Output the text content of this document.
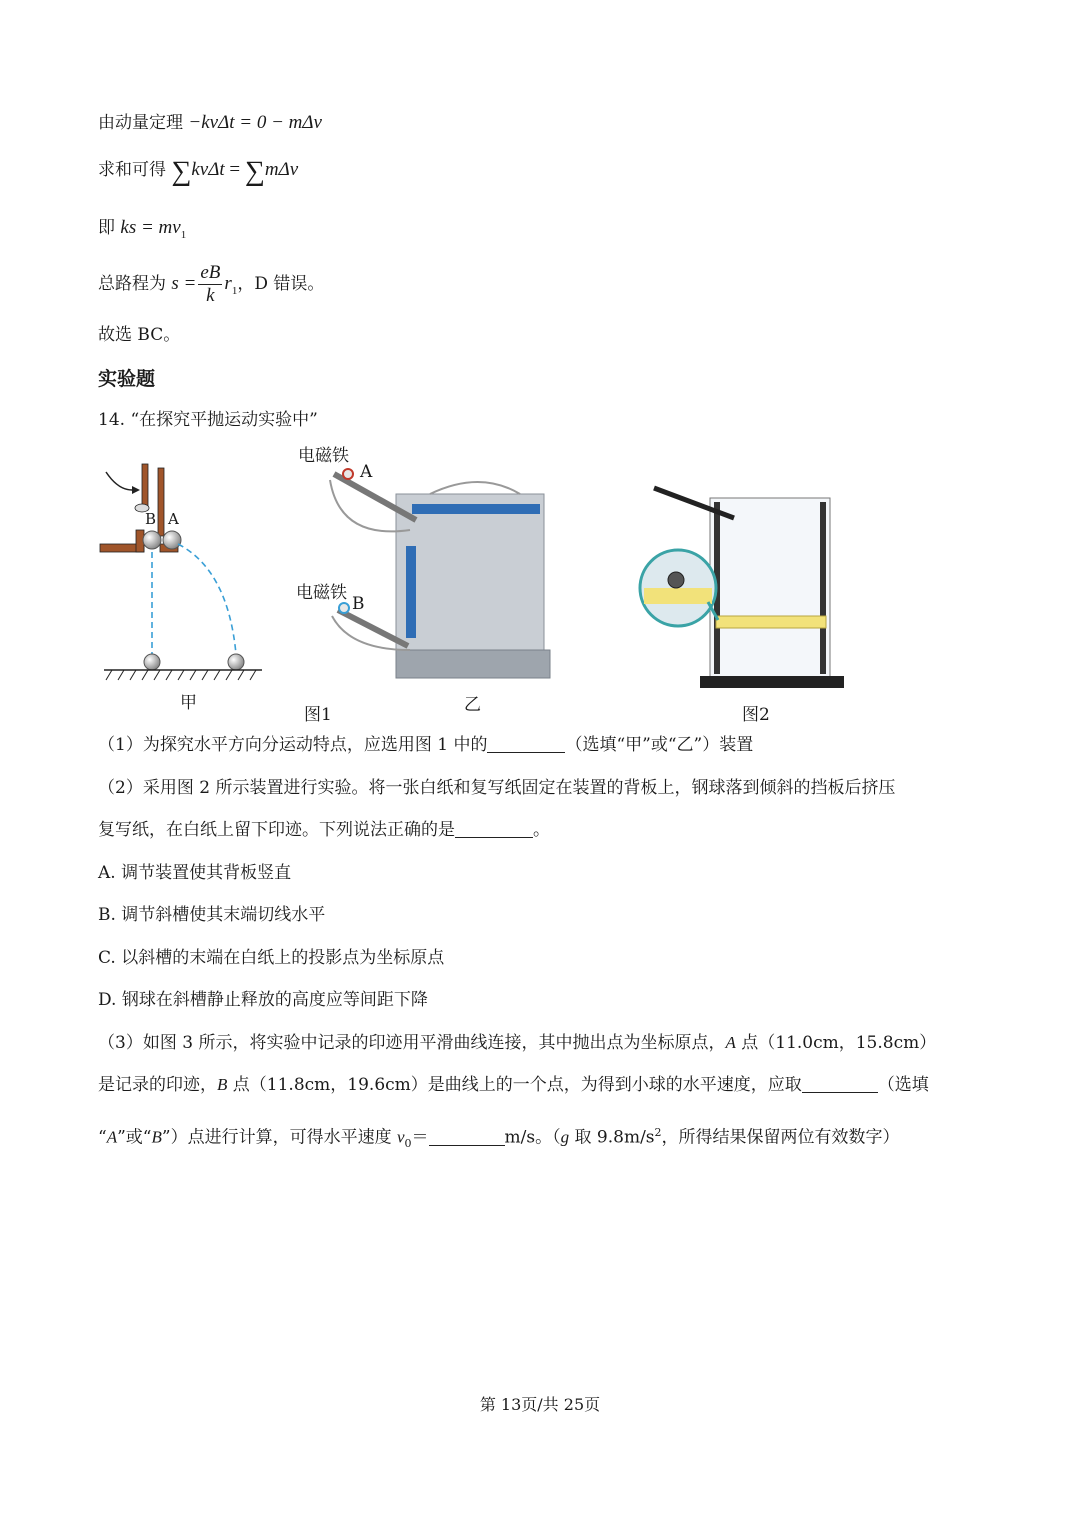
由动量定理 −kvΔt = 0 − mΔv
求和可得 ∑kvΔt = ∑mΔv
即 ks = $mv_1$
总路程为 $s = \frac{eB}{k} r_1$，D 错误。
故选 BC。
实验题
14. “在探究平抛运动实验中”
B A
甲
电磁铁
A
电磁铁
B
图1	乙	图2
（1）为探究水平方向分运动特点，应选用图 1 中的	（选填“甲”或“乙”）装置
（2）采用图 2 所示装置进行实验。将一张白纸和复写纸固定在装置的背板上，钢球落到倾斜的挡板后挤压
复写纸，在白纸上留下印迹。下列说法正确的是	。
A. 调节装置使其背板竖直
B. 调节斜槽使其末端切线水平
C. 以斜槽的末端在白纸上的投影点为坐标原点
D. 钢球在斜槽静止释放的高度应等间距下降
（3）如图 3 所示，将实验中记录的印迹用平滑曲线连接，其中抛出点为坐标原点，A 点（11.0cm，15.8cm）
是记录的印迹，B 点（11.8cm，19.6cm）是曲线上的一个点，为得到小球的水平速度，应取	（选填
“A”或“B”）点进行计算，可得水平速度 $v_0=$	m/s。（g 取 $9.8m/s^2$，所得结果保留两位有效数字）
第 13页/共 25页
